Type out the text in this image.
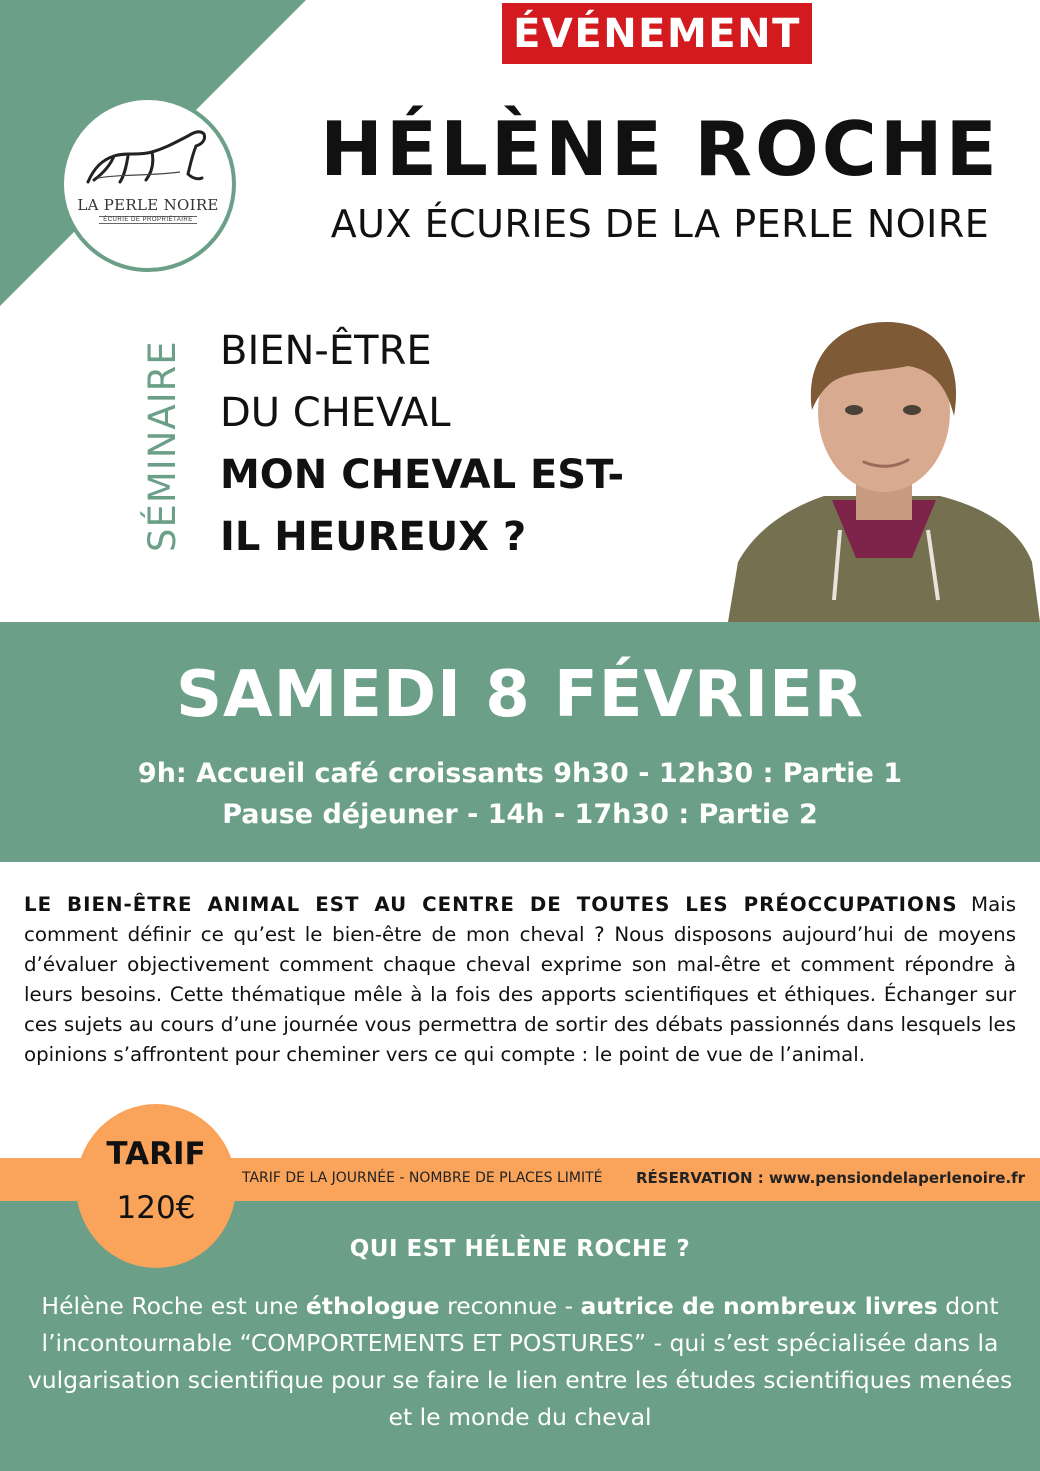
LA PERLE NOIRE
ÉCURIE DE PROPRIÉTAIRE
ÉVÉNEMENT
HÉLÈNE ROCHE
AUX ÉCURIES DE LA PERLE NOIRE
SÉMINAIRE BIEN-ÊTRE
DU CHEVAL
MON CHEVAL EST-
IL HEUREUX ?
SAMEDI 8 FÉVRIER
9h: Accueil café croissants 9h30 - 12h30 : Partie 1
Pause déjeuner - 14h - 17h30 : Partie 2
LE BIEN-ÊTRE ANIMAL EST AU CENTRE DE TOUTES LES PRÉOCCUPATIONS Mais comment définir ce qu’est le bien-être de mon cheval ? Nous disposons aujourd’hui de moyens d’évaluer objectivement comment chaque cheval exprime son mal-être et comment répondre à leurs besoins. Cette thématique mêle à la fois des apports scientifiques et éthiques. Échanger sur ces sujets au cours d’une journée vous permettra de sortir des débats passionnés dans lesquels les opinions s’affrontent pour cheminer vers ce qui compte : le point de vue de l’animal.
TARIF
120€
TARIF DE LA JOURNÉE - NOMBRE DE PLACES LIMITÉ RÉSERVATION : www.pensiondelaperlenoire.fr
QUI EST HÉLÈNE ROCHE ?
Hélène Roche est une éthologue reconnue - autrice de nombreux livres dont l’incontournable “COMPORTEMENTS ET POSTURES” - qui s’est spécialisée dans la vulgarisation scientifique pour se faire le lien entre les études scientifiques menées et le monde du cheval
